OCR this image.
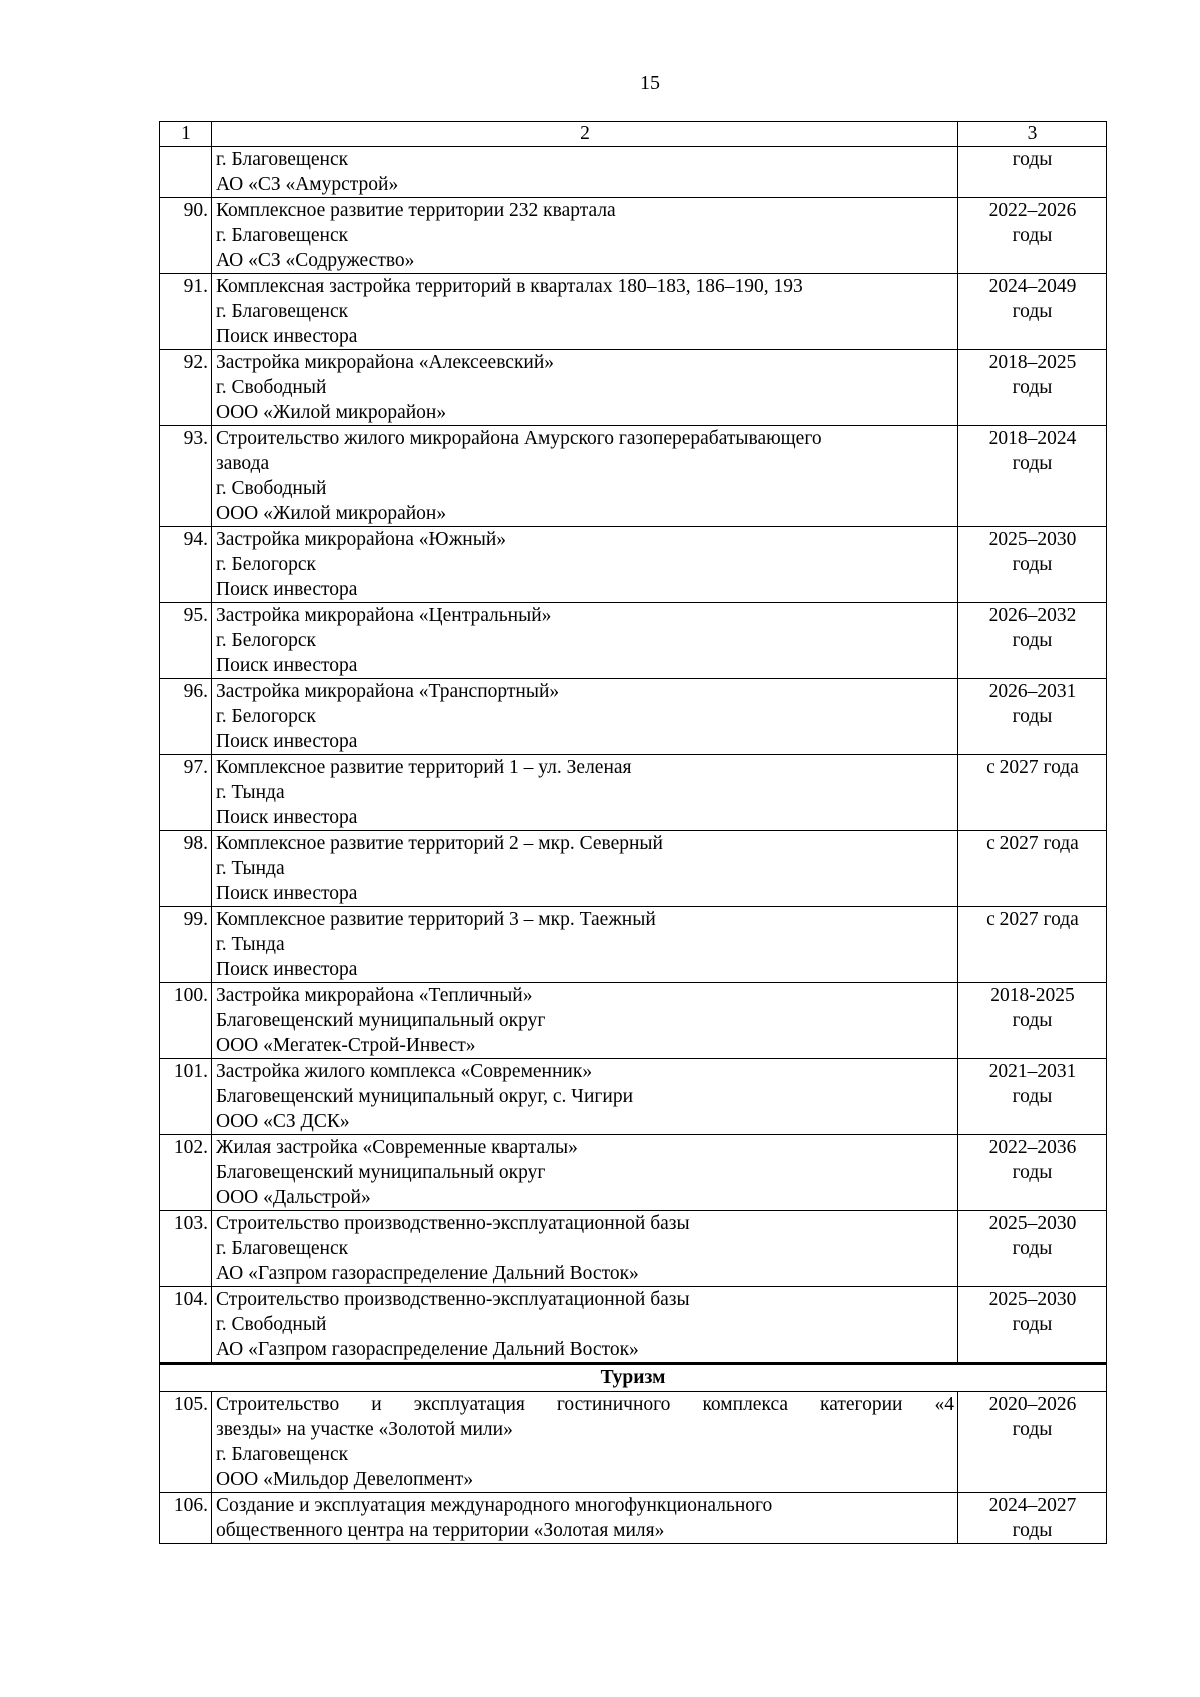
15
1	2	3

	г. Благовещенск
АО «СЗ «Амурстрой»	годы

90.	Комплексное развитие территории 232 квартала
г. Благовещенск
АО «СЗ «Содружество»	2022–2026
годы

91.	Комплексная застройка территорий в кварталах 180–183, 186–190, 193
г. Благовещенск
Поиск инвестора	2024–2049
годы

92.	Застройка микрорайона «Алексеевский»
г. Свободный
ООО «Жилой микрорайон»	2018–2025
годы

93.	Строительство жилого микрорайона Амурского газоперерабатывающего
завода
г. Свободный
ООО «Жилой микрорайон»	2018–2024
годы

94.	Застройка микрорайона «Южный»
г. Белогорск
Поиск инвестора	2025–2030
годы

95.	Застройка микрорайона «Центральный»
г. Белогорск
Поиск инвестора	2026–2032
годы

96.	Застройка микрорайона «Транспортный»
г. Белогорск
Поиск инвестора	2026–2031
годы

97.	Комплексное развитие территорий 1 – ул. Зеленая
г. Тында
Поиск инвестора	с 2027 года

98.	Комплексное развитие территорий 2 – мкр. Северный
г. Тында
Поиск инвестора	с 2027 года

99.	Комплексное развитие территорий 3 – мкр. Таежный
г. Тында
Поиск инвестора	с 2027 года

100.	Застройка микрорайона «Тепличный»
Благовещенский муниципальный округ
ООО «Мегатек-Строй-Инвест»	2018-2025
годы

101.	Застройка жилого комплекса «Современник»
Благовещенский муниципальный округ, с. Чигири
ООО «СЗ ДСК»	2021–2031
годы

102.	Жилая застройка «Современные кварталы»
Благовещенский муниципальный округ
ООО «Дальстрой»	2022–2036
годы

103.	Строительство производственно-эксплуатационной базы
г. Благовещенск
АО «Газпром газораспределение Дальний Восток»	2025–2030
годы

104.	Строительство производственно-эксплуатационной базы
г. Свободный
АО «Газпром газораспределение Дальний Восток»	2025–2030
годы

Туризм		
105.	Строительство и эксплуатация гостиничного комплекса категории «4
звезды» на участке «Золотой мили»
г. Благовещенск
ООО «Мильдор Девелопмент»	2020–2026
годы

106.	Создание и эксплуатация международного многофункционального
общественного центра на территории «Золотая миля»	2024–2027
годы
